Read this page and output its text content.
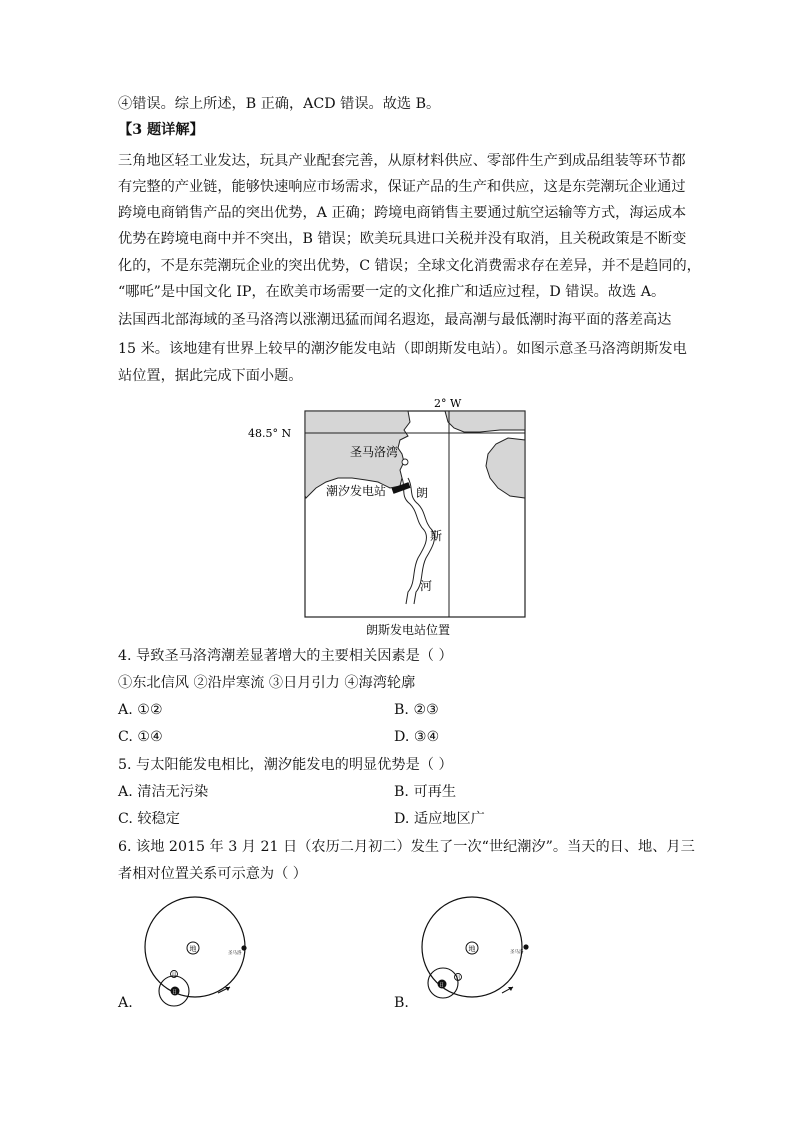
④错误。综上所述，B 正确，ACD 错误。故选 B。
【3 题详解】
三角地区轻工业发达，玩具产业配套完善，从原材料供应、零部件生产到成品组装等环节都
有完整的产业链，能够快速响应市场需求，保证产品的生产和供应，这是东莞潮玩企业通过
跨境电商销售产品的突出优势，A 正确；跨境电商销售主要通过航空运输等方式，海运成本
优势在跨境电商中并不突出，B 错误；欧美玩具进口关税并没有取消，且关税政策是不断变
化的，不是东莞潮玩企业的突出优势，C 错误；全球文化消费需求存在差异，并不是趋同的，
“哪吒”是中国文化 IP，在欧美市场需要一定的文化推广和适应过程，D 错误。故选 A。
法国西北部海域的圣马洛湾以涨潮迅猛而闻名遐迩，最高潮与最低潮时海平面的落差高达
15 米。该地建有世界上较早的潮汐能发电站（即朗斯发电站）。如图示意圣马洛湾朗斯发电
站位置，据此完成下面小题。
2° W
48.5° N
圣马洛湾
潮汐发电站 朗
斯
河
朗斯发电站位置
4. 导致圣马洛湾潮差显著增大的主要相关因素是（ ）
①东北信风 ②沿岸寒流 ③日月引力 ④海湾轮廓
A. ①②	B. ②③
C. ①④	D. ③④
5. 与太阳能发电相比，潮汐能发电的明显优势是（ ）
A. 清洁无污染	B. 可再生
C. 较稳定	D. 适应地区广
6. 该地 2015 年 3 月 21 日（农历二月初二）发生了一次“世纪潮汐”。当天的日、地、月三
者相对位置关系可示意为（ ）
地
月
日
圣马洛
A.
地
月
日
圣马洛
B.
